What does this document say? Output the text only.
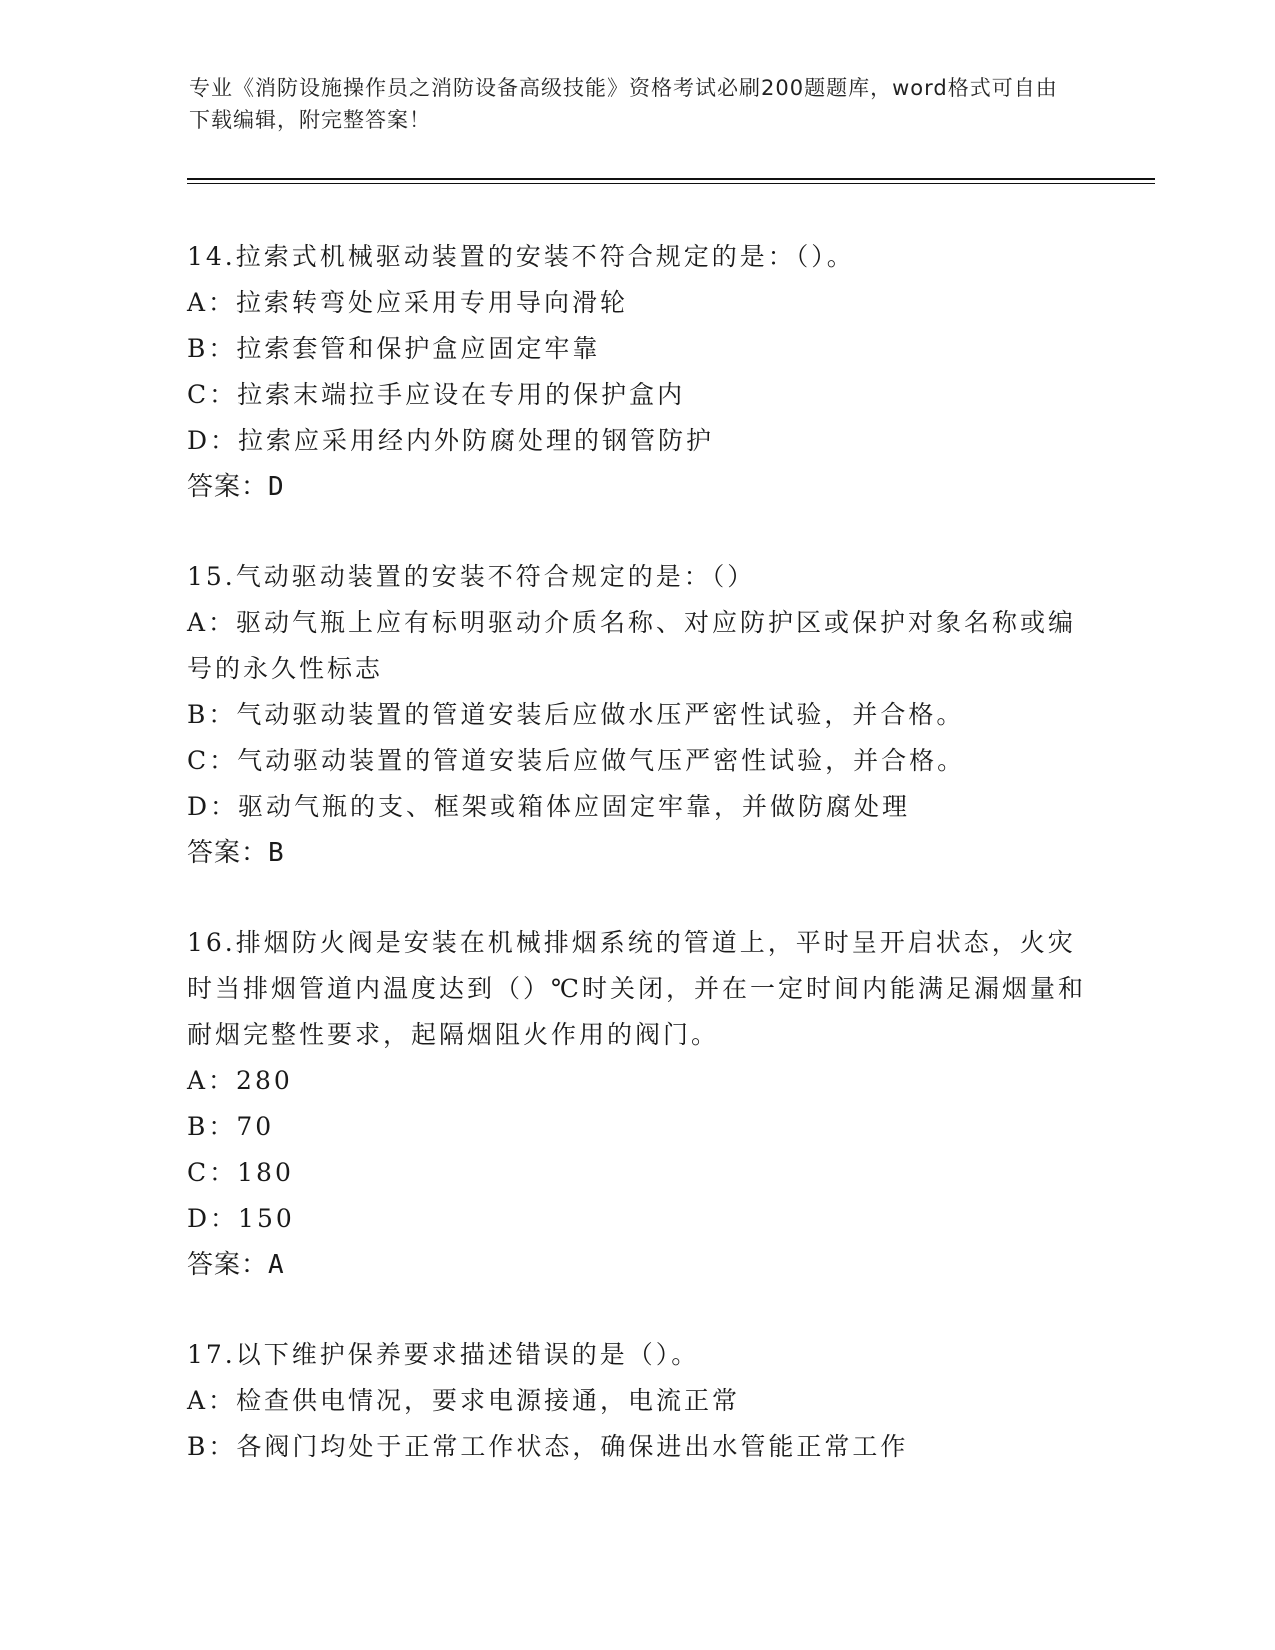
专业《消防设施操作员之消防设备高级技能》资格考试必刷200题题库，word格式可自由下载编辑，附完整答案！
14.拉索式机械驱动装置的安装不符合规定的是：（）。
A：拉索转弯处应采用专用导向滑轮
B：拉索套管和保护盒应固定牢靠
C：拉索末端拉手应设在专用的保护盒内
D：拉索应采用经内外防腐处理的钢管防护
答案：D
15.气动驱动装置的安装不符合规定的是：（）
A：驱动气瓶上应有标明驱动介质名称、对应防护区或保护对象名称或编号的永久性标志
B：气动驱动装置的管道安装后应做水压严密性试验，并合格。
C：气动驱动装置的管道安装后应做气压严密性试验，并合格。
D：驱动气瓶的支、框架或箱体应固定牢靠，并做防腐处理
答案：B
16.排烟防火阀是安装在机械排烟系统的管道上，平时呈开启状态，火灾时当排烟管道内温度达到（）℃时关闭，并在一定时间内能满足漏烟量和耐烟完整性要求，起隔烟阻火作用的阀门。
A：280
B：70
C：180
D：150
答案：A
17.以下维护保养要求描述错误的是（）。
A：检查供电情况，要求电源接通，电流正常
B：各阀门均处于正常工作状态，确保进出水管能正常工作
